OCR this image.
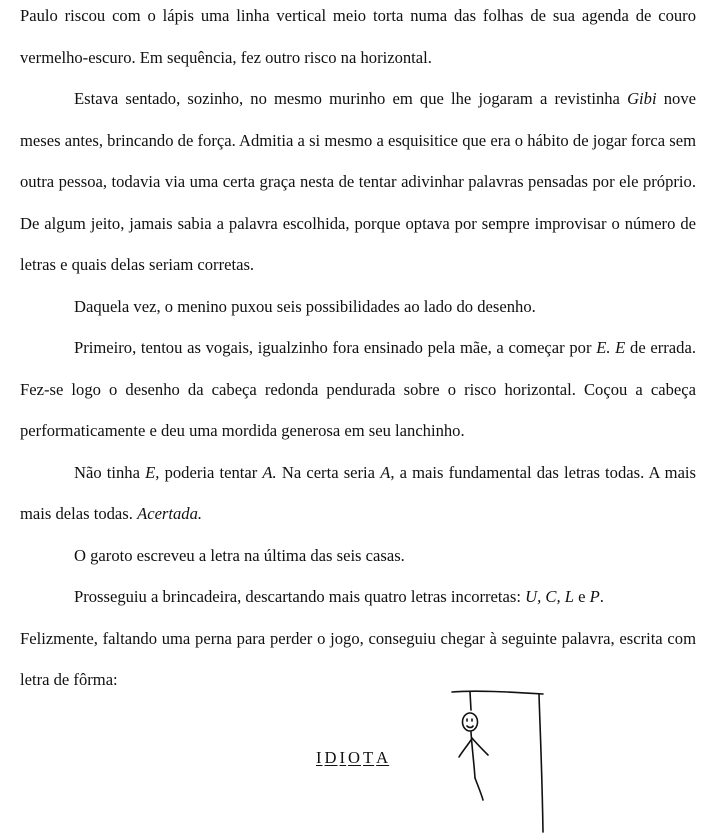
Paulo riscou com o lápis uma linha vertical meio torta numa das folhas de sua agenda de couro vermelho-escuro. Em sequência, fez outro risco na horizontal.

Estava sentado, sozinho, no mesmo murinho em que lhe jogaram a revistinha Gibi nove meses antes, brincando de força. Admitia a si mesmo a esquisitice que era o hábito de jogar forca sem outra pessoa, todavia via uma certa graça nesta de tentar adivinhar palavras pensadas por ele próprio. De algum jeito, jamais sabia a palavra escolhida, porque optava por sempre improvisar o número de letras e quais delas seriam corretas.

Daquela vez, o menino puxou seis possibilidades ao lado do desenho.

Primeiro, tentou as vogais, igualzinho fora ensinado pela mãe, a começar por E. E de errada. Fez-se logo o desenho da cabeça redonda pendurada sobre o risco horizontal. Coçou a cabeça performaticamente e deu uma mordida generosa em seu lanchinho.

Não tinha E, poderia tentar A. Na certa seria A, a mais fundamental das letras todas. A mais mais delas todas. Acertada.

O garoto escreveu a letra na última das seis casas.

Prosseguiu a brincadeira, descartando mais quatro letras incorretas: U, C, L e P.

Felizmente, faltando uma perna para perder o jogo, conseguiu chegar à seguinte palavra, escrita com letra de fôrma:

I D I O T A
